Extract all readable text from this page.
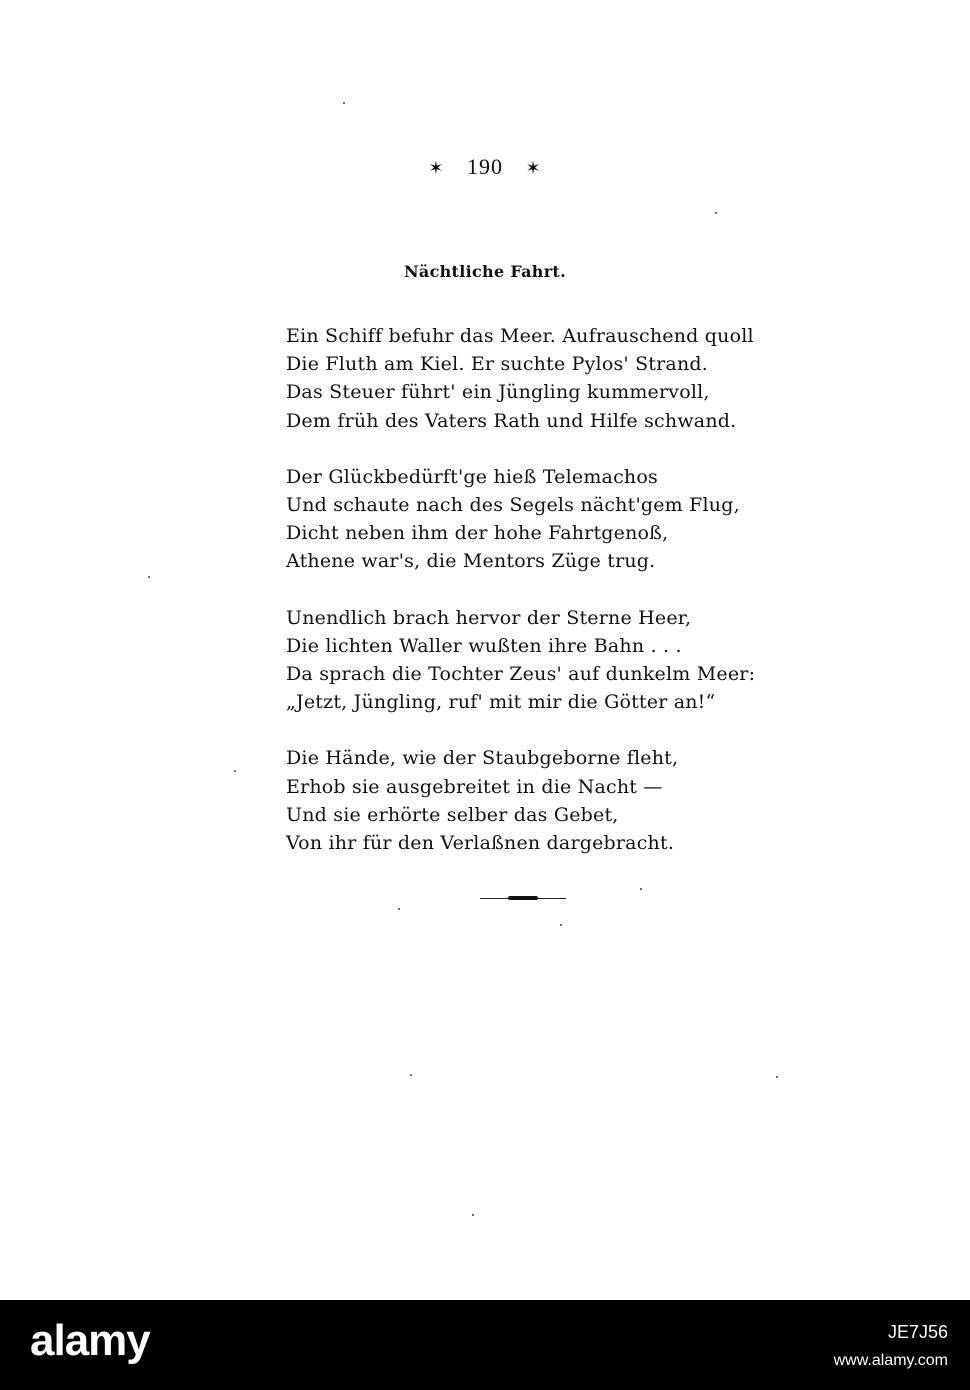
✶ 190 ✶
Nächtliche Fahrt.
Ein Schiff befuhr das Meer. Aufrauschend quoll
Die Fluth am Kiel. Er suchte Pylos' Strand.
Das Steuer führt' ein Jüngling kummervoll,
Dem früh des Vaters Rath und Hilfe schwand.
Der Glückbedürft'ge hieß Telemachos
Und schaute nach des Segels nächt'gem Flug,
Dicht neben ihm der hohe Fahrtgenoß,
Athene war's, die Mentors Züge trug.
Unendlich brach hervor der Sterne Heer,
Die lichten Waller wußten ihre Bahn . . .
Da sprach die Tochter Zeus' auf dunkelm Meer:
„Jetzt, Jüngling, ruf' mit mir die Götter an!“
Die Hände, wie der Staubgeborne fleht,
Erhob sie ausgebreitet in die Nacht —
Und sie erhörte selber das Gebet,
Von ihr für den Verlaßnen dargebracht.
alamy	JE7J56
www.alamy.com
